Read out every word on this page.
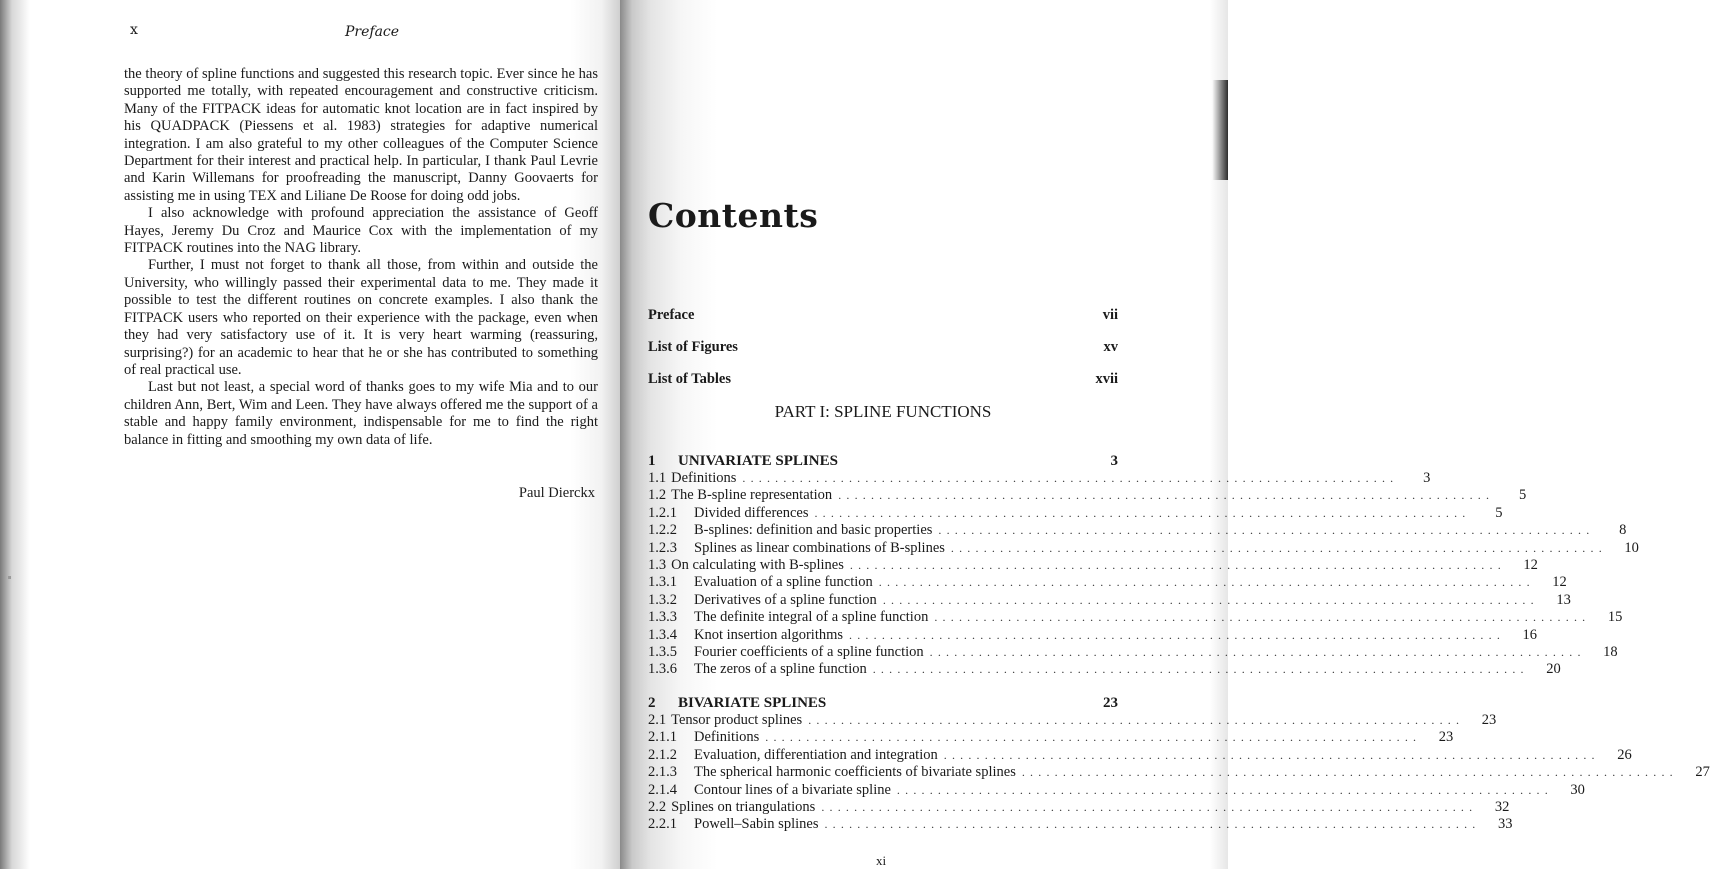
x	Preface

the theory of spline functions and suggested this research topic. Ever since he has supported me totally, with repeated encouragement and constructive criticism. Many of the FITPACK ideas for automatic knot location are in fact inspired by his QUADPACK (Piessens et al. 1983) strategies for adaptive numerical integration. I am also grateful to my other colleagues of the Computer Science Department for their interest and practical help. In particular, I thank Paul Levrie and Karin Willemans for proofreading the manuscript, Danny Goovaerts for assisting me in using TEX and Liliane De Roose for doing odd jobs.

I also acknowledge with profound appreciation the assistance of Geoff Hayes, Jeremy Du Croz and Maurice Cox with the implementation of my FITPACK routines into the NAG library.

Further, I must not forget to thank all those, from within and outside the University, who willingly passed their experimental data to me. They made it possible to test the different routines on concrete examples. I also thank the FITPACK users who reported on their experience with the package, even when they had very satisfactory use of it. It is very heart warming (reassuring, surprising?) for an academic to hear that he or she has contributed to something of real practical use.

Last but not least, a special word of thanks goes to my wife Mia and to our children Ann, Bert, Wim and Leen. They have always offered me the support of a stable and happy family environment, indispensable for me to find the right balance in fitting and smoothing my own data of life.

Paul Dierckx
Contents
Preface	vii
List of Figures	xv
List of Tables	xvii
PART I: SPLINE FUNCTIONS
1 UNIVARIATE SPLINES	3
1.1 Definitions ................................................................................	3
1.2 The B-spline representation ................................................................................	5
1.2.1 Divided differences ................................................................................	5
1.2.2 B-splines: definition and basic properties ................................................................................	8
1.2.3 Splines as linear combinations of B-splines ................................................................................	10
1.3 On calculating with B-splines ................................................................................	12
1.3.1 Evaluation of a spline function ................................................................................	12
1.3.2 Derivatives of a spline function ................................................................................	13
1.3.3 The definite integral of a spline function ................................................................................	15
1.3.4 Knot insertion algorithms ................................................................................	16
1.3.5 Fourier coefficients of a spline function ................................................................................	18
1.3.6 The zeros of a spline function ................................................................................	20
2 BIVARIATE SPLINES	23
2.1 Tensor product splines ................................................................................	23
2.1.1 Definitions ................................................................................	23
2.1.2 Evaluation, differentiation and integration ................................................................................	26
2.1.3 The spherical harmonic coefficients of bivariate splines ................................................................................	27
2.1.4 Contour lines of a bivariate spline ................................................................................	30
2.2 Splines on triangulations ................................................................................	32
2.2.1 Powell–Sabin splines ................................................................................	33
xi
